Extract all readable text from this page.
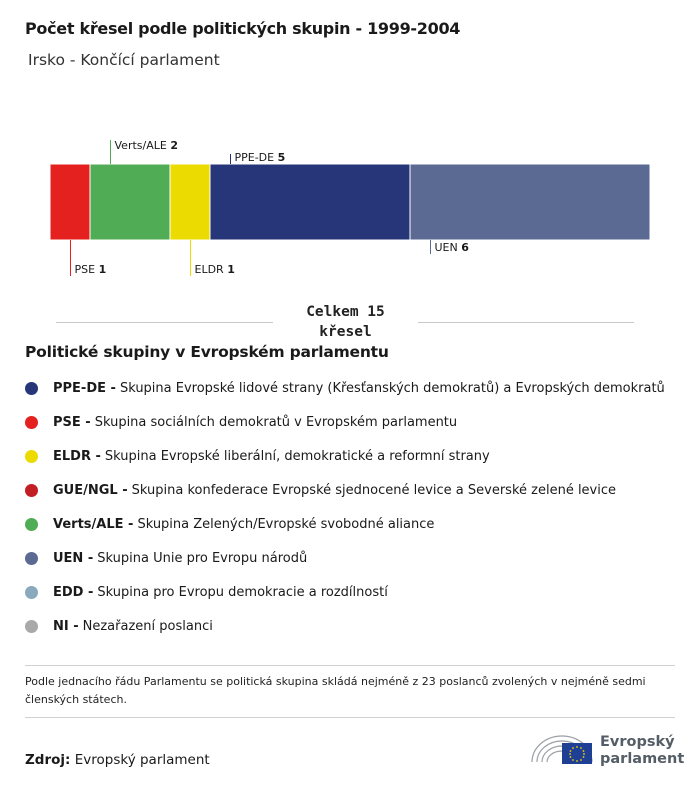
Počet křesel podle politických skupin - 1999-2004
Irsko - Končící parlament
PSE 1
Verts/ALE 2
ELDR 1
PPE-DE 5
UEN 6
Celkem 15
křesel
Politické skupiny v Evropském parlamentu
PPE-DE - Skupina Evropské lidové strany (Křesťanských demokratů) a Evropských demokratů
PSE - Skupina sociálních demokratů v Evropském parlamentu
ELDR - Skupina Evropské liberální, demokratické a reformní strany
GUE/NGL - Skupina konfederace Evropské sjednocené levice a Severské zelené levice
Verts/ALE - Skupina Zelených/Evropské svobodné aliance
UEN - Skupina Unie pro Evropu národů
EDD - Skupina pro Evropu demokracie a rozdílností
NI - Nezařazení poslanci
Podle jednacího řádu Parlamentu se politická skupina skládá nejméně z 23 poslanců zvolených v nejméně sedmi členských státech.
Zdroj: Evropský parlament
Evropský
parlament
